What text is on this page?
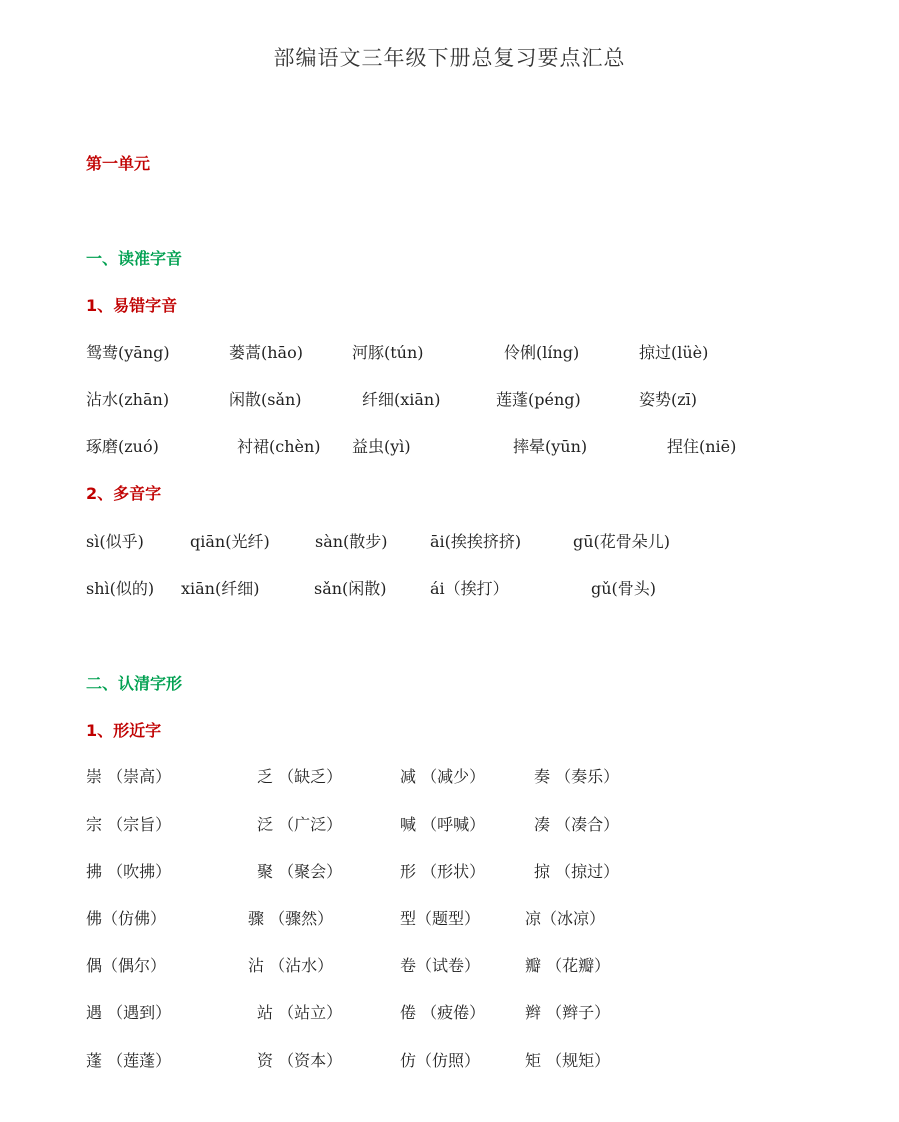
部编语文三年级下册总复习要点汇总
第一单元
一、读准字音
1、易错字音
鸳鸯(yāng)	蒌蒿(hāo)	河豚(tún)	伶俐(líng)	掠过(lüè)
沾水(zhān)	闲散(sǎn)	纤细(xiān)	莲蓬(péng)	姿势(zī)
琢磨(zuó)	衬裙(chèn) 益虫(yì)	摔晕(yūn)	捏住(niē)
2、多音字
sì(似乎)	qiān(光纤)	sàn(散步)	āi(挨挨挤挤)	gū(花骨朵儿)
shì(似的) xiān(纤细)	sǎn(闲散)	ái（挨打）	gǔ(骨头)
二、认清字形
1、形近字
崇 （崇高）	乏 （缺乏）	减 （减少）	奏 （奏乐）
宗 （宗旨）	泛 （广泛）	喊 （呼喊）	凑 （凑合）
拂 （吹拂）	聚 （聚会）	形 （形状）	掠 （掠过）
佛（仿佛）	骤 （骤然）	型（题型）	凉（冰凉）
偶（偶尔）	沾 （沾水）	卷（试卷）	瓣 （花瓣）
遇 （遇到）	站 （站立）	倦 （疲倦） 辫 （辫子）
蓬 （莲蓬）	资 （资本）	仿（仿照）	矩 （规矩）
